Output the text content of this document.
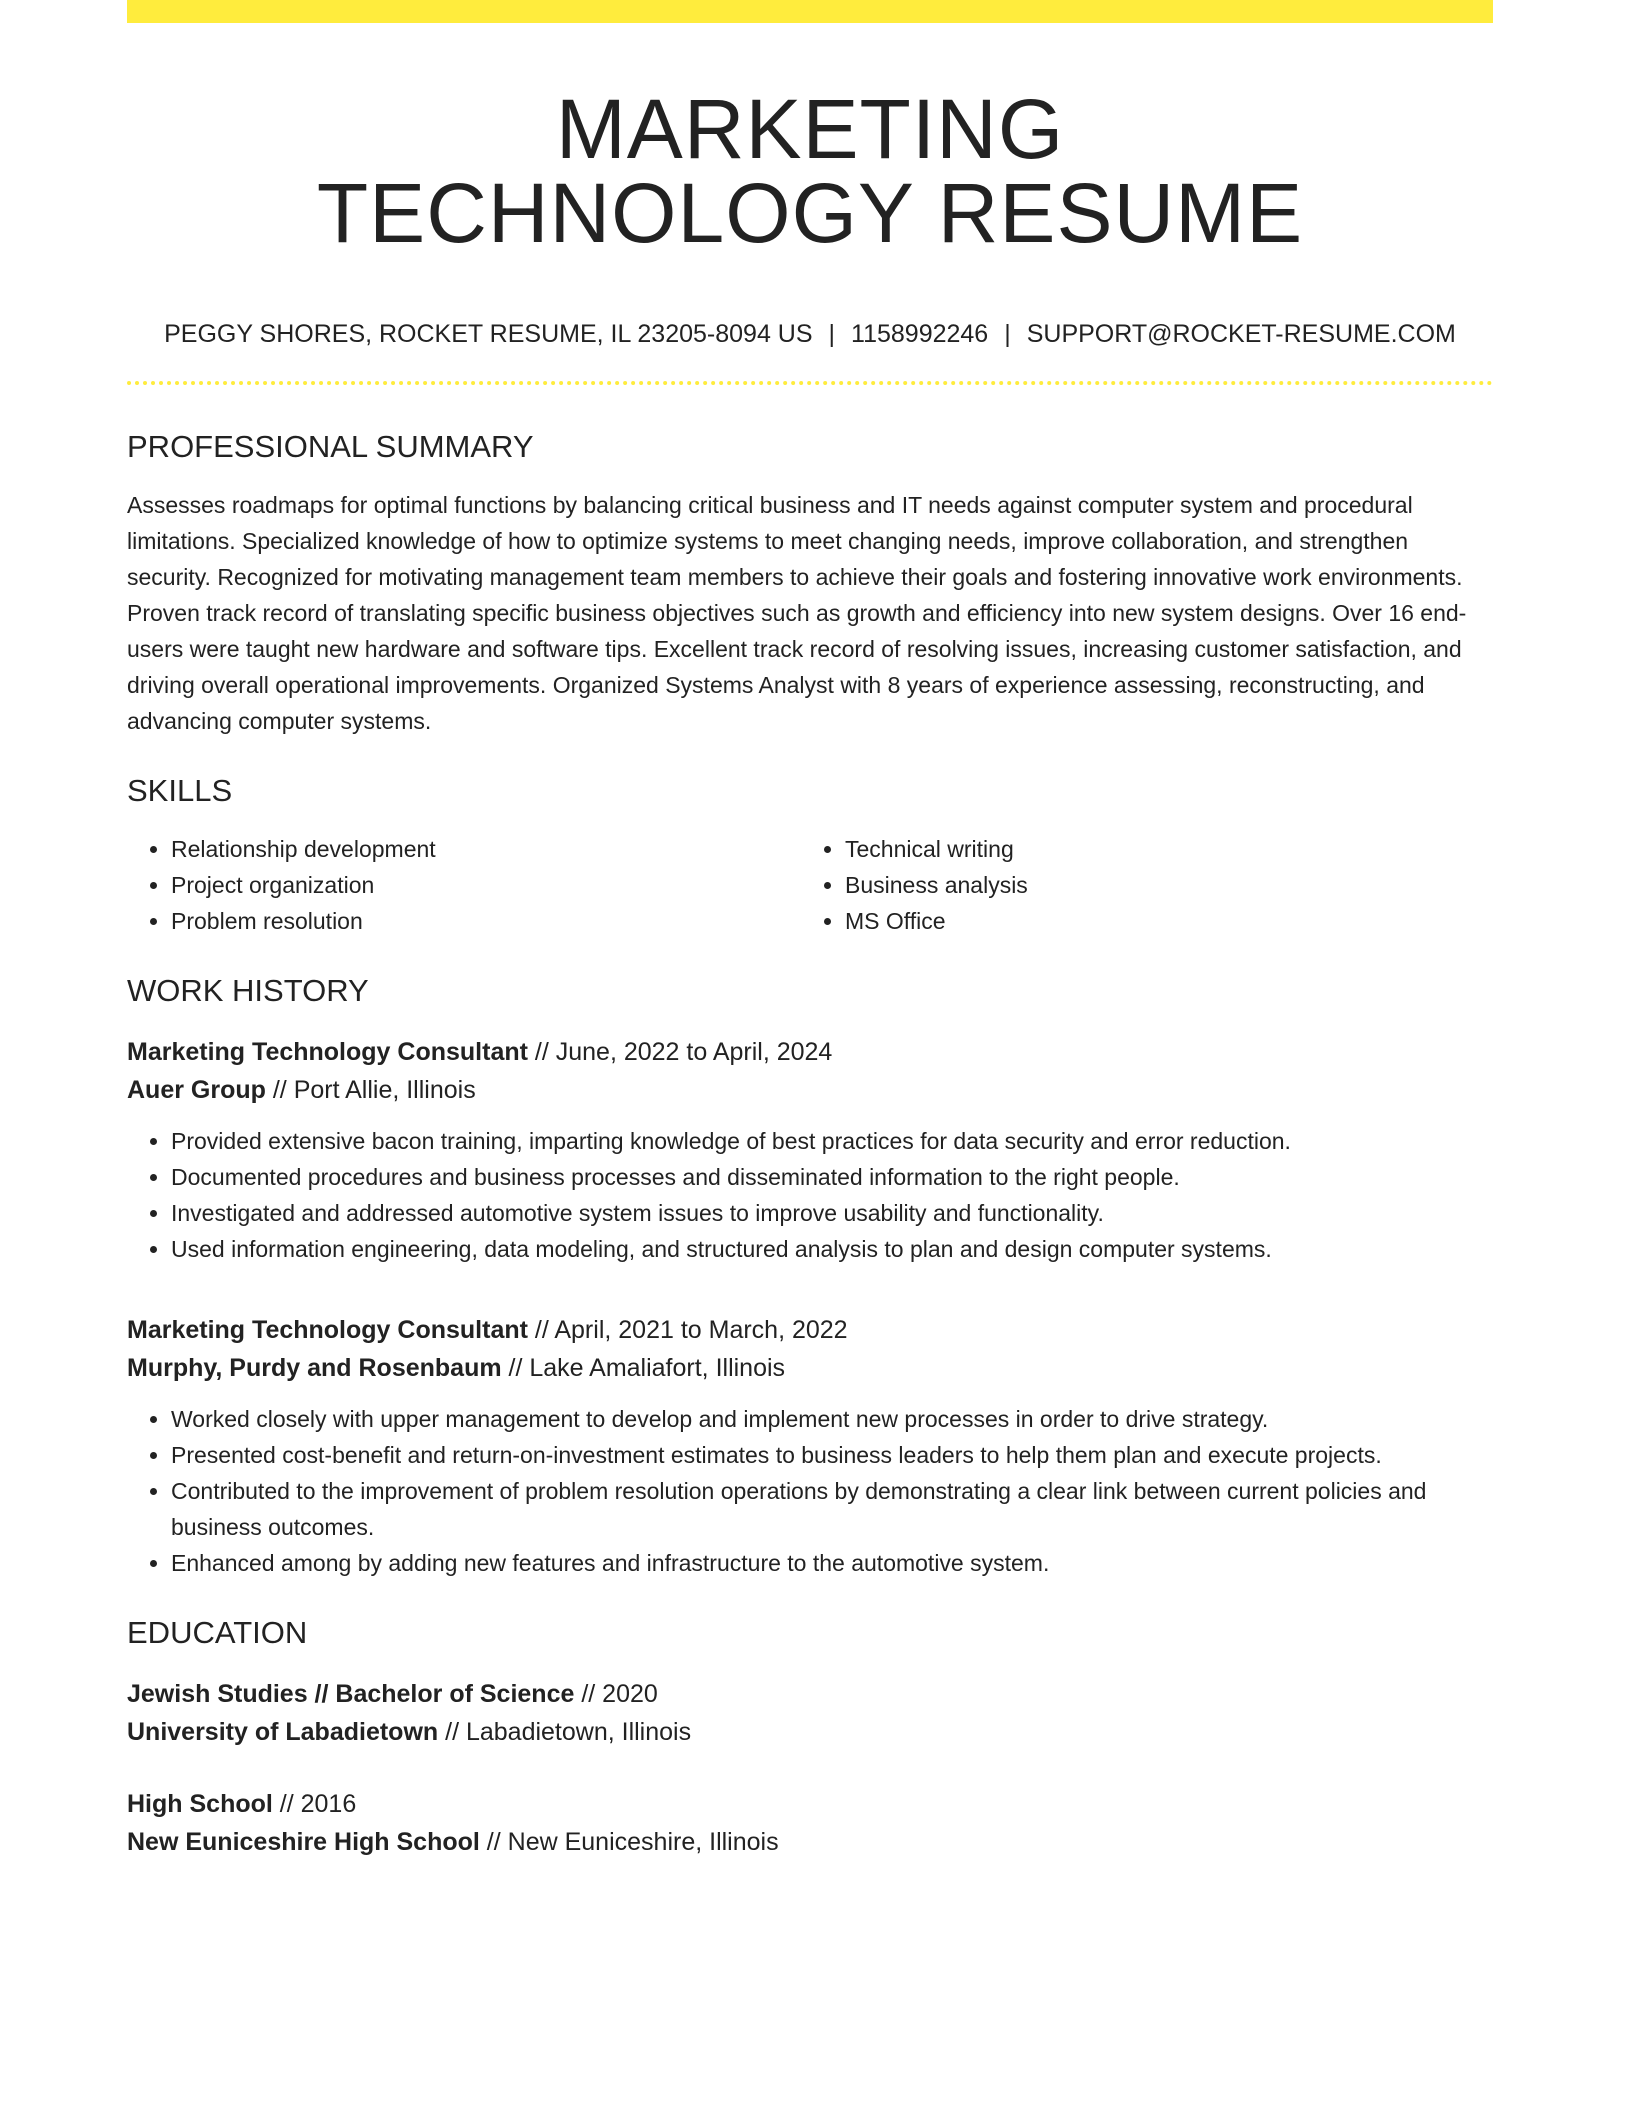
MARKETING
TECHNOLOGY RESUME
PEGGY SHORES, ROCKET RESUME, IL 23205-8094 US | 1158992246 | SUPPORT@ROCKET-RESUME.COM
PROFESSIONAL SUMMARY
Assesses roadmaps for optimal functions by balancing critical business and IT needs against computer system and procedural limitations. Specialized knowledge of how to optimize systems to meet changing needs, improve collaboration, and strengthen security. Recognized for motivating management team members to achieve their goals and fostering innovative work environments. Proven track record of translating specific business objectives such as growth and efficiency into new system designs. Over 16 end-users were taught new hardware and software tips. Excellent track record of resolving issues, increasing customer satisfaction, and driving overall operational improvements. Organized Systems Analyst with 8 years of experience assessing, reconstructing, and advancing computer systems.
SKILLS
• Relationship development
• Project organization
• Problem resolution
• Technical writing
• Business analysis
• MS Office
WORK HISTORY
Marketing Technology Consultant // June, 2022 to April, 2024
Auer Group // Port Allie, Illinois
• Provided extensive bacon training, imparting knowledge of best practices for data security and error reduction.
• Documented procedures and business processes and disseminated information to the right people.
• Investigated and addressed automotive system issues to improve usability and functionality.
• Used information engineering, data modeling, and structured analysis to plan and design computer systems.
Marketing Technology Consultant // April, 2021 to March, 2022
Murphy, Purdy and Rosenbaum // Lake Amaliafort, Illinois
• Worked closely with upper management to develop and implement new processes in order to drive strategy.
• Presented cost-benefit and return-on-investment estimates to business leaders to help them plan and execute projects.
• Contributed to the improvement of problem resolution operations by demonstrating a clear link between current policies and business outcomes.
• Enhanced among by adding new features and infrastructure to the automotive system.
EDUCATION
Jewish Studies // Bachelor of Science // 2020
University of Labadietown // Labadietown, Illinois
High School // 2016
New Euniceshire High School // New Euniceshire, Illinois
